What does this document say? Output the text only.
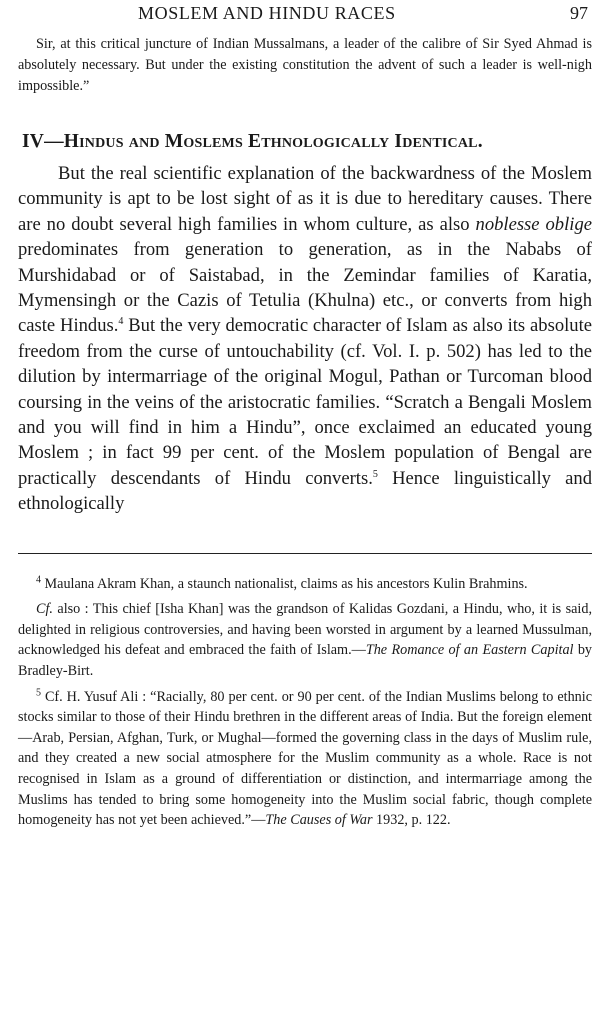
MOSLEM AND HINDU RACES	97

Sir, at this critical juncture of Indian Mussalmans, a leader of the calibre of Sir Syed Ahmad is absolutely necessary. But under the existing constitution the advent of such a leader is well-nigh impossible.”

IV—Hindus and Moslems Ethnologically Identical.

But the real scientific explanation of the backwardness of the Moslem community is apt to be lost sight of as it is due to hereditary causes. There are no doubt several high families in whom culture, as also noblesse oblige predominates from generation to generation, as in the Nababs of Murshidabad or of Saistabad, in the Zemindar families of Karatia, Mymensingh or the Cazis of Tetulia (Khulna) etc., or converts from high caste Hindus.$^4$ But the very democratic character of Islam as also its absolute freedom from the curse of untouchability (cf. Vol. I. p. 502) has led to the dilution by intermarriage of the original Mogul, Pathan or Turcoman blood coursing in the veins of the aristocratic families. “Scratch a Bengali Moslem and you will find in him a Hindu”, once exclaimed an educated young Moslem ; in fact 99 per cent. of the Moslem population of Bengal are practically descendants of Hindu converts.$^5$ Hence linguistically and ethnologically

$^4$ Maulana Akram Khan, a staunch nationalist, claims as his ancestors Kulin Brahmins.

Cf. also : This chief [Isha Khan] was the grandson of Kalidas Gozdani, a Hindu, who, it is said, delighted in religious controversies, and having been worsted in argument by a learned Mussulman, acknowledged his defeat and embraced the faith of Islam.—The Romance of an Eastern Capital by Bradley-Birt.

$^5$ Cf. H. Yusuf Ali : “Racially, 80 per cent. or 90 per cent. of the Indian Muslims belong to ethnic stocks similar to those of their Hindu brethren in the different areas of India. But the foreign element—Arab, Persian, Afghan, Turk, or Mughal—formed the governing class in the days of Muslim rule, and they created a new social atmosphere for the Muslim community as a whole. Race is not recognised in Islam as a ground of differentiation or distinction, and intermarriage among the Muslims has tended to bring some homogeneity into the Muslim social fabric, though complete homogeneity has not yet been achieved.”—The Causes of War 1932, p. 122.
